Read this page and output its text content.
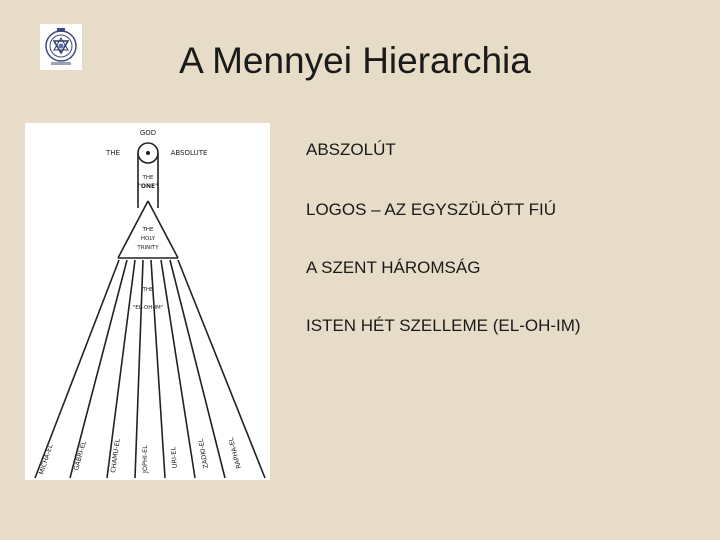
A Mennyei Hierarchia
GOD
THE	ABSOLUTE
THE
"ONE"
THE
HOLY
TRINITY
THE
"EL-OH-IM"
MICHA-EL	GABRI-EL	CHAMU-EL	JOPHI-EL	URI-EL	ZADKI-EL	RAPHA-EL
ABSZOLÚT
LOGOS – AZ EGYSZÜLÖTT FIÚ
A SZENT HÁROMSÁG
ISTEN HÉT SZELLEME (EL-OH-IM)
